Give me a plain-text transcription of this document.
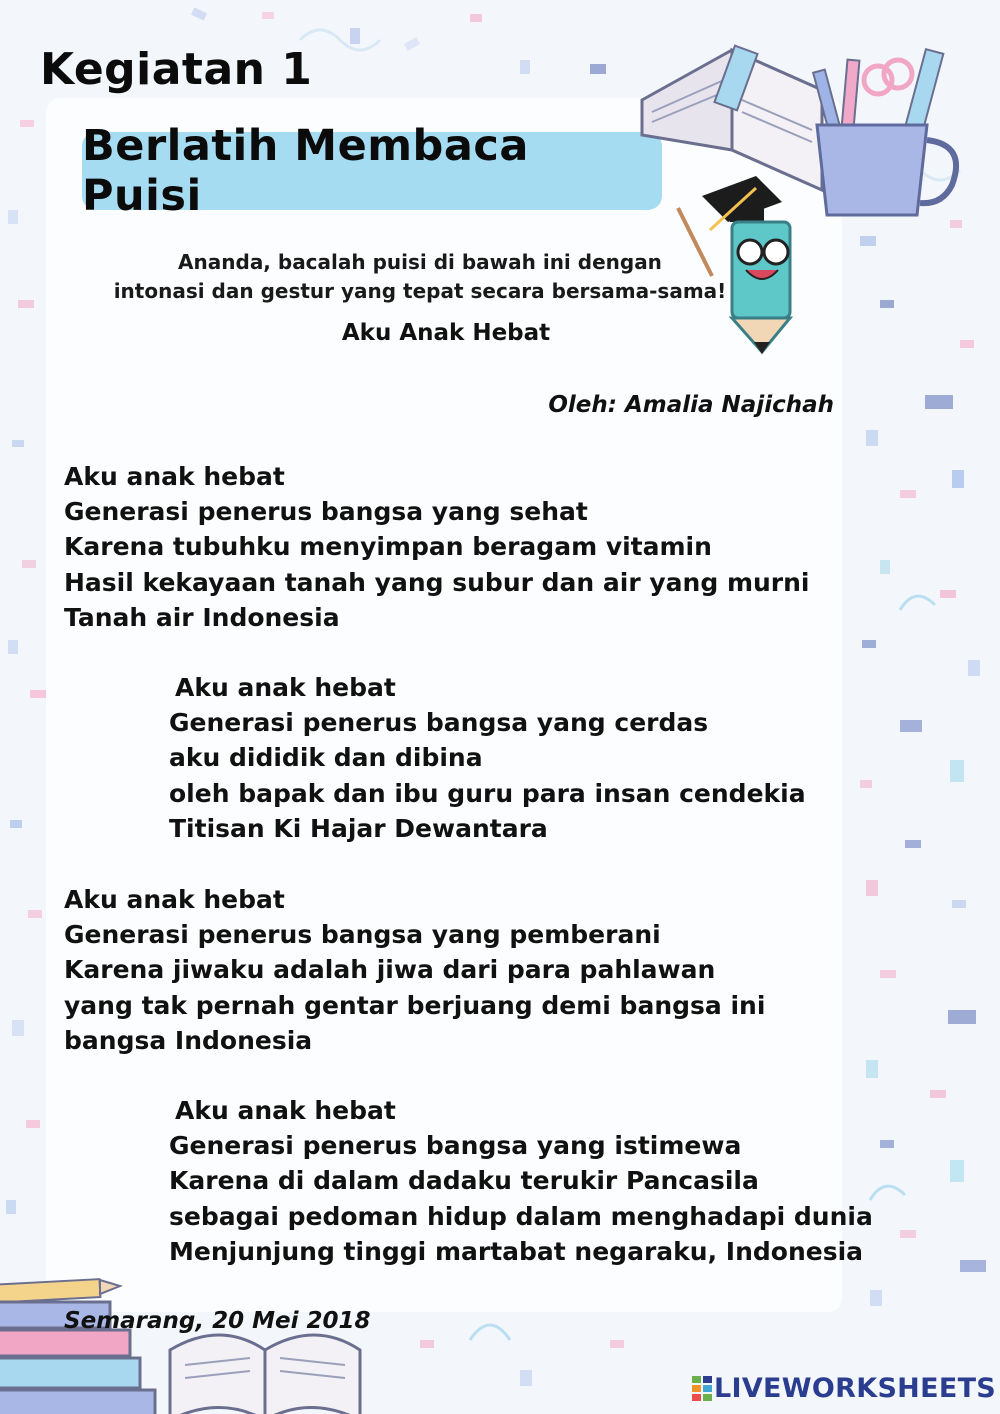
Kegiatan 1
Berlatih Membaca Puisi

Ananda, bacalah puisi di bawah ini dengan
intonasi dan gestur yang tepat secara bersama-sama!

Aku Anak Hebat

Oleh: Amalia Najichah

Aku anak hebat
Generasi penerus bangsa yang sehat
Karena tubuhku menyimpan beragam vitamin
Hasil kekayaan tanah yang subur dan air yang murni
Tanah air Indonesia
Aku anak hebat
Generasi penerus bangsa yang cerdas
aku dididik dan dibina
oleh bapak dan ibu guru para insan cendekia
Titisan Ki Hajar Dewantara
Aku anak hebat
Generasi penerus bangsa yang pemberani
Karena jiwaku adalah jiwa dari para pahlawan
yang tak pernah gentar berjuang demi bangsa ini
bangsa Indonesia
Aku anak hebat
Generasi penerus bangsa yang istimewa
Karena di dalam dadaku terukir Pancasila
sebagai pedoman hidup dalam menghadapi dunia
Menjunjung tinggi martabat negaraku, Indonesia

Semarang, 20 Mei 2018

LIVEWORKSHEETS
